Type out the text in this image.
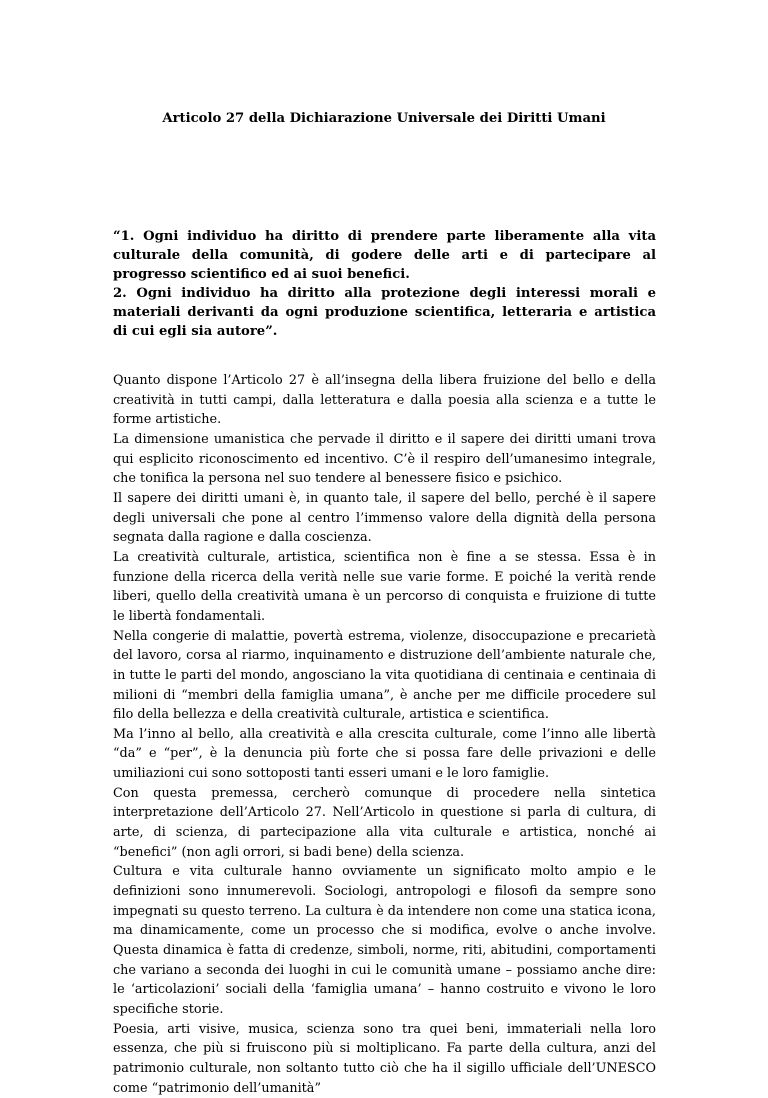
Articolo 27 della Dichiarazione Universale dei Diritti Umani

“1. Ogni individuo ha diritto di prendere parte liberamente alla vita culturale della comunità, di godere delle arti e di partecipare al progresso scientifico ed ai suoi benefici.

2. Ogni individuo ha diritto alla protezione degli interessi morali e materiali derivanti da ogni produzione scientifica, letteraria e artistica di cui egli sia autore”.

Quanto dispone l’Articolo 27 è all’insegna della libera fruizione del bello e della creatività in tutti campi, dalla letteratura e dalla poesia alla scienza e a tutte le forme artistiche.

La dimensione umanistica che pervade il diritto e il sapere dei diritti umani trova qui esplicito riconoscimento ed incentivo. C’è il respiro dell’umanesimo integrale, che tonifica la persona nel suo tendere al benessere fisico e psichico.

Il sapere dei diritti umani è, in quanto tale, il sapere del bello, perché è il sapere degli universali che pone al centro l’immenso valore della dignità della persona segnata dalla ragione e dalla coscienza.

La creatività culturale, artistica, scientifica non è fine a se stessa. Essa è in funzione della ricerca della verità nelle sue varie forme. E poiché la verità rende liberi, quello della creatività umana è un percorso di conquista e fruizione di tutte le libertà fondamentali.

Nella congerie di malattie, povertà estrema, violenze, disoccupazione e precarietà del lavoro, corsa al riarmo, inquinamento e distruzione dell’ambiente naturale che, in tutte le parti del mondo, angosciano la vita quotidiana di centinaia e centinaia di milioni di “membri della famiglia umana”, è anche per me difficile procedere sul filo della bellezza e della creatività culturale, artistica e scientifica.

Ma l’inno al bello, alla creatività e alla crescita culturale, come l’inno alle libertà “da” e “per”, è la denuncia più forte che si possa fare delle privazioni e delle umiliazioni cui sono sottoposti tanti esseri umani e le loro famiglie.

Con questa premessa, cercherò comunque di procedere nella sintetica interpretazione dell’Articolo 27. Nell’Articolo in questione si parla di cultura, di arte, di scienza, di partecipazione alla vita culturale e artistica, nonché ai “benefici” (non agli orrori, si badi bene) della scienza.

Cultura e vita culturale hanno ovviamente un significato molto ampio e le definizioni sono innumerevoli. Sociologi, antropologi e filosofi da sempre sono impegnati su questo terreno. La cultura è da intendere non come una statica icona, ma dinamicamente, come un processo che si modifica, evolve o anche involve. Questa dinamica è fatta di credenze, simboli, norme, riti, abitudini, comportamenti che variano a seconda dei luoghi in cui le comunità umane – possiamo anche dire: le ‘articolazioni’ sociali della ‘famiglia umana’ – hanno costruito e vivono le loro specifiche storie.

Poesia, arti visive, musica, scienza sono tra quei beni, immateriali nella loro essenza, che più si fruiscono più si moltiplicano. Fa parte della cultura, anzi del patrimonio culturale, non soltanto tutto ciò che ha il sigillo ufficiale dell’UNESCO come “patrimonio dell’umanità”
